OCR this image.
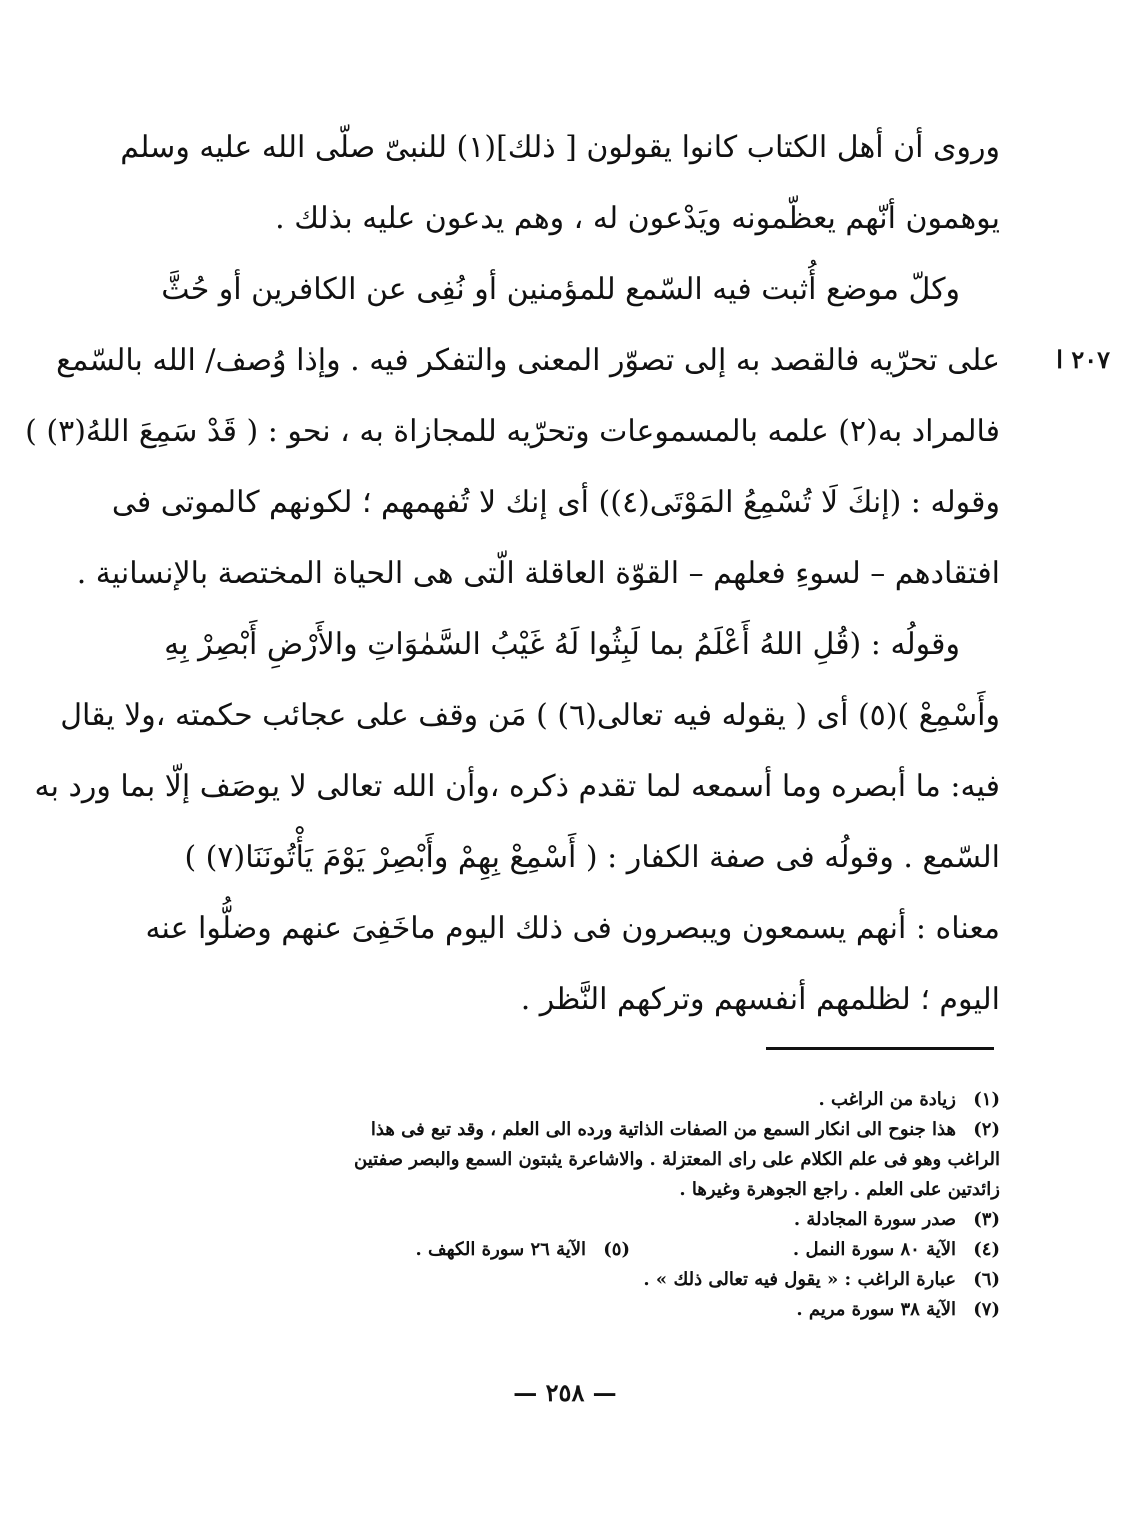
٢٠٧ ا
وروى أن أهل الكتاب كانوا يقولون [ ذلك](١) للنبىّ صلّى الله عليه وسلم
يوهمون أنّهم يعظّمونه ويَدْعون له ، وهم يدعون عليه بذلك .
وكلّ موضع أُثبت فيه السّمع للمؤمنين أو نُفِى عن الكافرين أو حُثَّ
على تحرّيه فالقصد به إلى تصوّر المعنى والتفكر فيه . وإذا وُصف/ الله بالسّمع
فالمراد به(٢) علمه بالمسموعات وتحرّيه للمجازاة به ، نحو : ( قَدْ سَمِعَ اللهُ(٣) )
وقوله : (إنكَ لَا تُسْمِعُ المَوْتَى(٤)) أى إنك لا تُفهمهم ؛ لكونهم كالموتى فى
افتقادهم – لسوءِ فعلهم – القوّة العاقلة الّتى هى الحياة المختصة بالإنسانية .
وقولُه : (قُلِ اللهُ أَعْلَمُ بما لَبِثُوا لَهُ غَيْبُ السَّمٰوَاتِ والأَرْضِ أَبْصِرْ بِهِ
وأَسْمِعْ )(٥) أى ( يقوله فيه تعالى(٦) ) مَن وقف على عجائب حكمته ،ولا يقال
فيه: ما أبصره وما أسمعه لما تقدم ذكره ،وأن الله تعالى لا يوصَف إلّا بما ورد به
السّمع . وقولُه فى صفة الكفار : ( أَسْمِعْ بِهِمْ وأَبْصِرْ يَوْمَ يَأْتُونَنَا(٧) )
معناه : أنهم يسمعون ويبصرون فى ذلك اليوم ماخَفِىَ عنهم وضلُّوا عنه
اليوم ؛ لظلمهم أنفسهم وتركهم النَّظر .
(١)زيادة من الراغب .
(٢)هذا جنوح الى انكار السمع من الصفات الذاتية ورده الى العلم ، وقد تبع فى هذا
الراغب وهو فى علم الكلام على راى المعتزلة . والاشاعرة يثبتون السمع والبصر صفتين
زائدتين على العلم . راجع الجوهرة وغيرها .
(٣)صدر سورة المجادلة .
(٤)الآية ٨٠ سورة النمل .
(٥)الآية ٢٦ سورة الكهف .
(٦)عبارة الراغب : « يقول فيه تعالى ذلك » .
(٧)الآية ٣٨ سورة مريم .
— ٢٥٨ —
